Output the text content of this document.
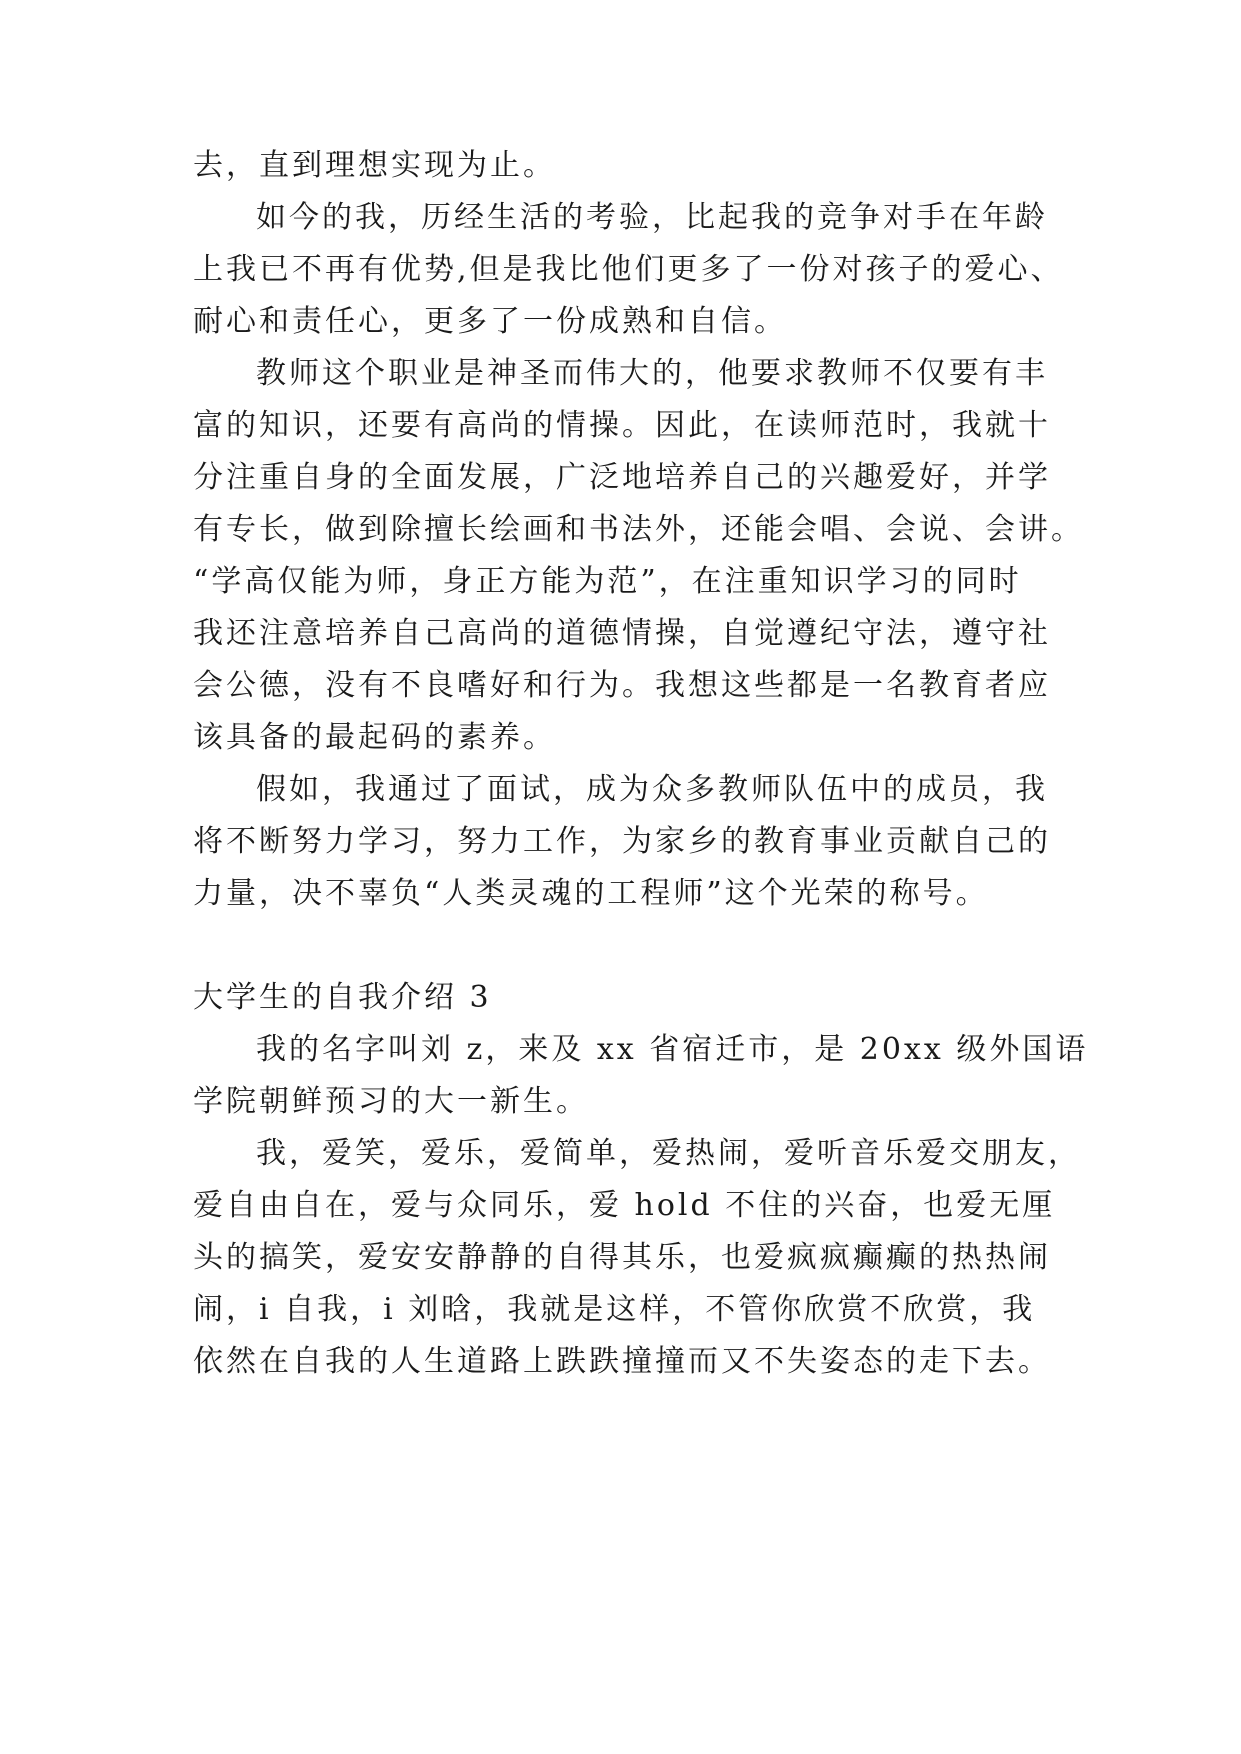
去，直到理想实现为止。
如今的我，历经生活的考验，比起我的竞争对手在年龄
上我已不再有优势,但是我比他们更多了一份对孩子的爱心、
耐心和责任心，更多了一份成熟和自信。
教师这个职业是神圣而伟大的，他要求教师不仅要有丰
富的知识，还要有高尚的情操。因此，在读师范时，我就十
分注重自身的全面发展，广泛地培养自己的兴趣爱好，并学
有专长，做到除擅长绘画和书法外，还能会唱、会说、会讲。
“学高仅能为师，身正方能为范”，在注重知识学习的同时
我还注意培养自己高尚的道德情操，自觉遵纪守法，遵守社
会公德，没有不良嗜好和行为。我想这些都是一名教育者应
该具备的最起码的素养。
假如，我通过了面试，成为众多教师队伍中的成员，我
将不断努力学习，努力工作，为家乡的教育事业贡献自己的
力量，决不辜负“人类灵魂的工程师”这个光荣的称号。
大学生的自我介绍 3
我的名字叫刘 z，来及 xx 省宿迁市，是 20xx 级外国语
学院朝鲜预习的大一新生。
我，爱笑，爱乐，爱简单，爱热闹，爱听音乐爱交朋友，
爱自由自在，爱与众同乐，爱 hold 不住的兴奋，也爱无厘
头的搞笑，爱安安静静的自得其乐，也爱疯疯癫癫的热热闹
闹，i 自我，i 刘晗，我就是这样，不管你欣赏不欣赏，我
依然在自我的人生道路上跌跌撞撞而又不失姿态的走下去。
